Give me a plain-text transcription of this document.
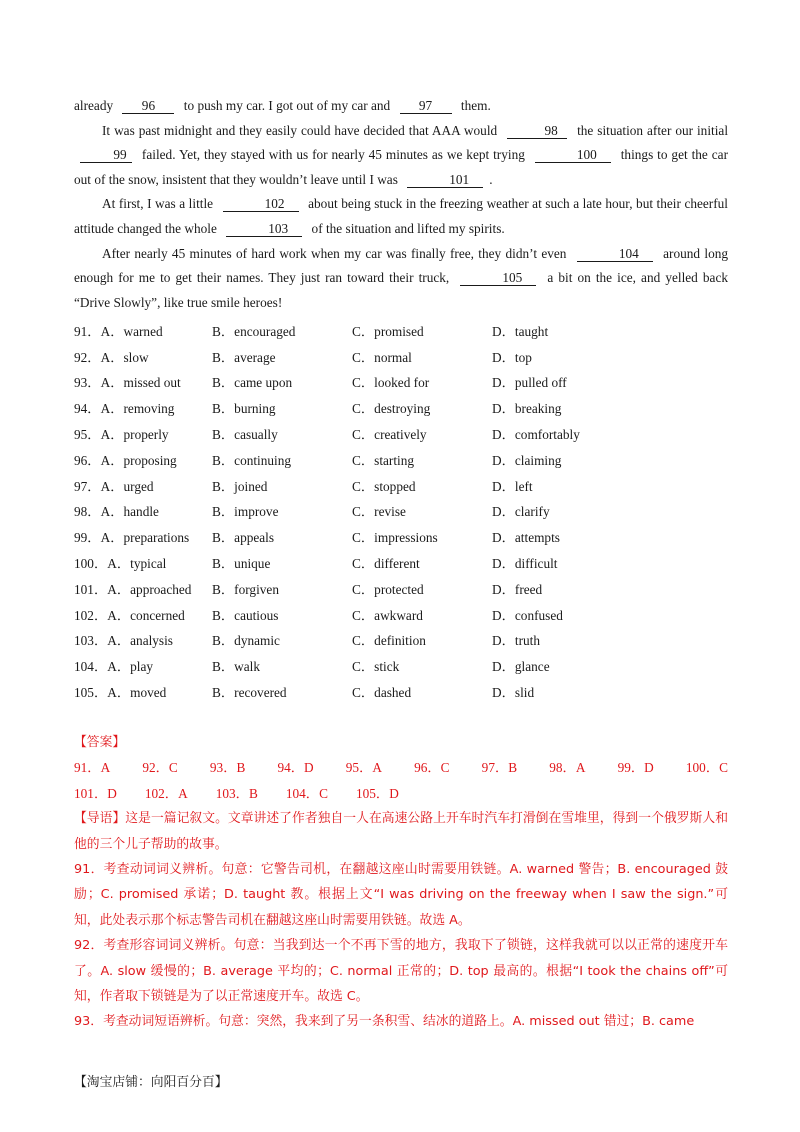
already 96 to push my car. I got out of my car and 97 them.

It was past midnight and they easily could have decided that AAA would	98 the situation after our initial 99 failed. Yet, they stayed with us for nearly 45 minutes as we kept trying	100 things to get the car out of the snow, insistent that they wouldn’t leave until I was	101 .

At first, I was a little	102 about being stuck in the freezing weather at such a late hour, but their cheerful attitude changed the whole	103 of the situation and lifted my spirits.

After nearly 45 minutes of hard work when my car was finally free, they didn’t even	104 around long enough for me to get their names. They just ran toward their truck,	105 a bit on the ice, and yelled back “Drive Slowly”, like true smile heroes!

91．A．warned	B．encouraged	C．promised	D．taught
92．A．slow	B．average	C．normal	D．top
93．A．missed out	B．came upon	C．looked for	D．pulled off
94．A．removing	B．burning	C．destroying	D．breaking
95．A．properly	B．casually	C．creatively	D．comfortably
96．A．proposing	B．continuing	C．starting	D．claiming
97．A．urged	B．joined	C．stopped	D．left
98．A．handle	B．improve	C．revise	D．clarify
99．A．preparations	B．appeals	C．impressions	D．attempts
100．A．typical	B．unique	C．different	D．difficult
101．A．approached	B．forgiven	C．protected	D．freed
102．A．concerned	B．cautious	C．awkward	D．confused
103．A．analysis	B．dynamic	C．definition	D．truth
104．A．play	B．walk	C．stick	D．glance
105．A．moved	B．recovered	C．dashed	D．slid

【答案】

91．A 92．C 93．B 94．D 95．A 96．C 97．B 98．A 99．D 100．C
101．D 102．A 103．B 104．C 105．D

【导语】这是一篇记叙文。文章讲述了作者独自一人在高速公路上开车时汽车打滑倒在雪堆里，得到一个俄罗斯人和他的三个儿子帮助的故事。

91．考查动词词义辨析。句意：它警告司机，在翻越这座山时需要用铁链。A. warned 警告；B. encouraged 鼓励；C. promised 承诺；D. taught 教。根据上文“I was driving on the freeway when I saw the sign.”可知，此处表示那个标志警告司机在翻越这座山时需要用铁链。故选 A。

92．考查形容词词义辨析。句意：当我到达一个不再下雪的地方，我取下了锁链，这样我就可以以正常的速度开车了。A. slow 缓慢的；B. average 平均的；C. normal 正常的；D. top 最高的。根据“I took the chains off”可知，作者取下锁链是为了以正常速度开车。故选 C。

93．考查动词短语辨析。句意：突然，我来到了另一条积雪、结冰的道路上。A. missed out 错过；B. came

【淘宝店铺：向阳百分百】
